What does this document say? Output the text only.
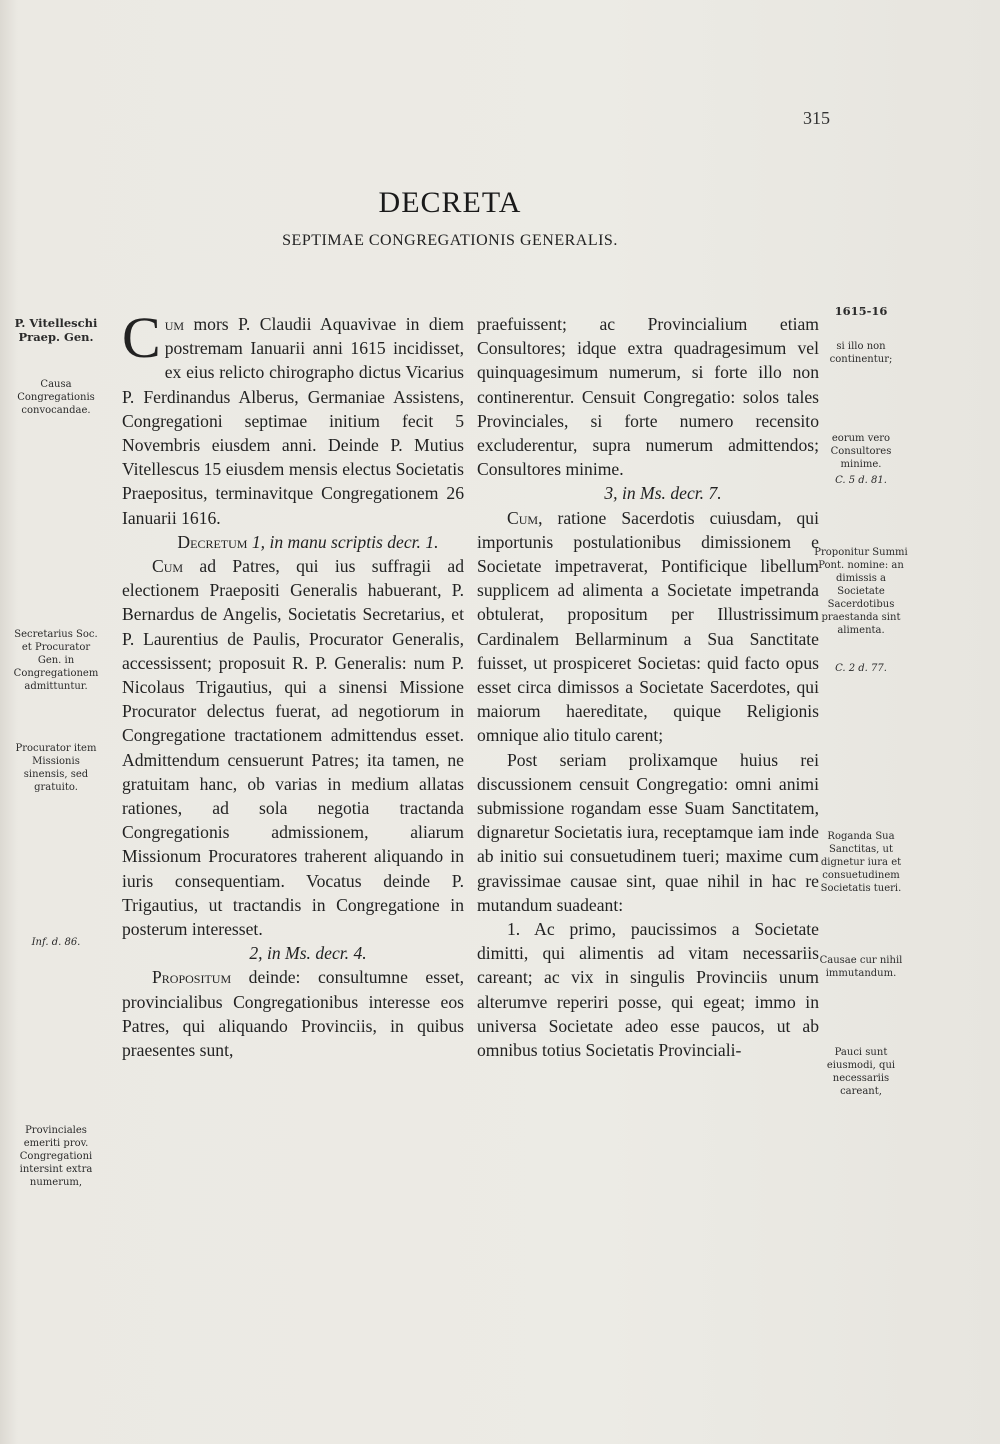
315
DECRETA
SEPTIMAE CONGREGATIONIS GENERALIS.
P. Vitelleschi Praep. Gen.
Causa Congregationis convocandae.
Secretarius Soc. et Procurator Gen. in Congregationem admittuntur.
Procurator item Missionis sinensis, sed gratuito.
Inf. d. 86.
Provinciales emeriti prov. Congregationi intersint extra numerum,
1615-16
si illo non continentur;
eorum vero Consultores minime.
C. 5 d. 81.
Proponitur Summi Pont. nomine: an dimissis a Societate Sacerdotibus praestanda sint alimenta.
C. 2 d. 77.
Roganda Sua Sanctitas, ut dignetur iura et consuetudinem Societatis tueri.
Causae cur nihil immutandum.
Pauci sunt eiusmodi, qui necessariis careant,

Cum mors P. Claudii Aquavivae in diem postremam Ianuarii anni 1615 incidisset, ex eius relicto chirographo dictus Vicarius P. Ferdinandus Alberus, Germaniae Assistens, Congregationi septimae initium fecit 5 Novembris eiusdem anni. Deinde P. Mutius Vitellescus 15 eiusdem mensis electus Societatis Praepositus, terminavitque Congregationem 26 Ianuarii 1616.

Decretum 1, in manu scriptis decr. 1.

Cum ad Patres, qui ius suffragii ad electionem Praepositi Generalis habuerant, P. Bernardus de Angelis, Societatis Secretarius, et P. Laurentius de Paulis, Procurator Generalis, accessissent; proposuit R. P. Generalis: num P. Nicolaus Trigautius, qui a sinensi Missione Procurator delectus fuerat, ad negotiorum in Congregatione tractationem admittendus esset. Admittendum censuerunt Patres; ita tamen, ne gratuitam hanc, ob varias in medium allatas rationes, ad sola negotia tractanda Congregationis admissionem, aliarum Missionum Procuratores traherent aliquando in iuris consequentiam. Vocatus deinde P. Trigautius, ut tractandis in Congregatione in posterum interesset.

2, in Ms. decr. 4.

Propositum deinde: consultumne esset, provincialibus Congregationibus interesse eos Patres, qui aliquando Provinciis, in quibus praesentes sunt,

praefuissent; ac Provincialium etiam Consultores; idque extra quadragesimum vel quinquagesimum numerum, si forte illo non continerentur. Censuit Congregatio: solos tales Provinciales, si forte numero recensito excluderentur, supra numerum admittendos; Consultores minime.

3, in Ms. decr. 7.

Cum, ratione Sacerdotis cuiusdam, qui importunis postulationibus dimissionem e Societate impetraverat, Pontificique libellum supplicem ad alimenta a Societate impetranda obtulerat, propositum per Illustrissimum Cardinalem Bellarminum a Sua Sanctitate fuisset, ut prospiceret Societas: quid facto opus esset circa dimissos a Societate Sacerdotes, qui maiorum haereditate, quique Religionis omnique alio titulo carent;

Post seriam prolixamque huius rei discussionem censuit Congregatio: omni animi submissione rogandam esse Suam Sanctitatem, dignaretur Societatis iura, receptamque iam inde ab initio sui consuetudinem tueri; maxime cum gravissimae causae sint, quae nihil in hac re mutandum suadeant:

1. Ac primo, paucissimos a Societate dimitti, qui alimentis ad vitam necessariis careant; ac vix in singulis Provinciis unum alterumve reperiri posse, qui egeat; immo in universa Societate adeo esse paucos, ut ab omnibus totius Societatis Provinciali-
